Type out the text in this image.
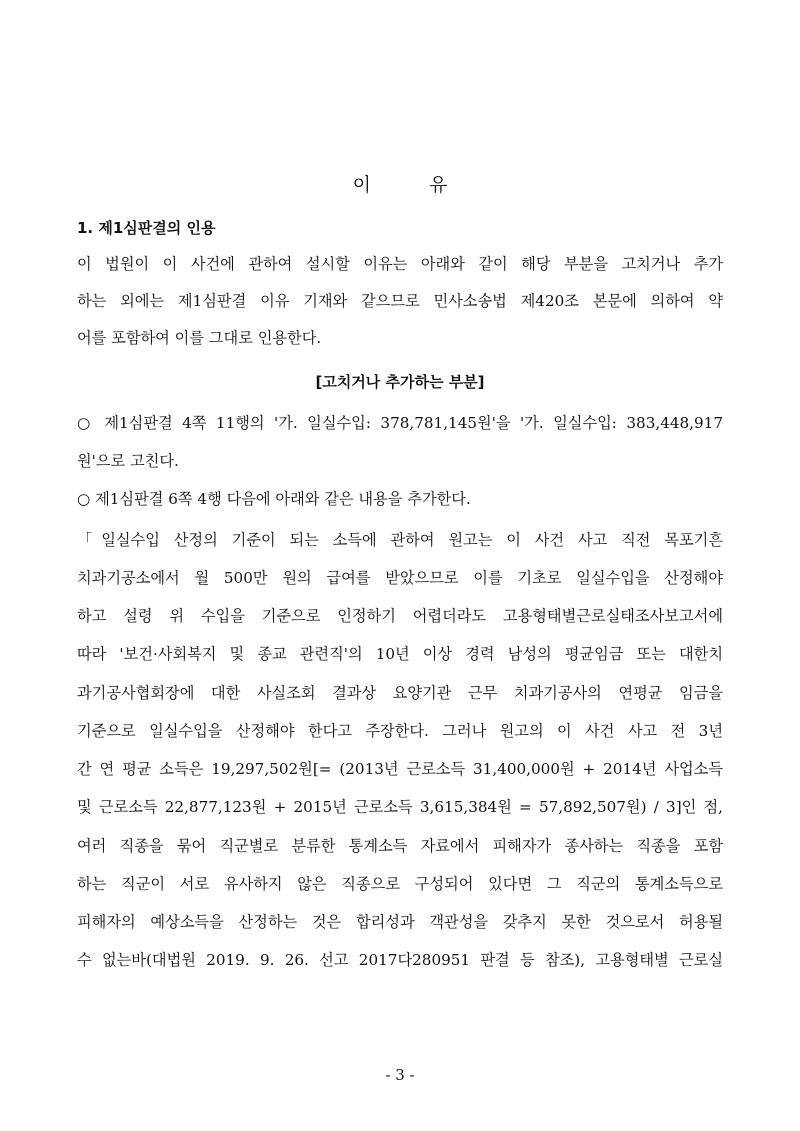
이	유
1. 제1심판결의 인용
이 법원이 이 사건에 관하여 설시할 이유는 아래와 같이 해당 부분을 고치거나 추가
하는 외에는 제1심판결 이유 기재와 같으므로 민사소송법 제420조 본문에 의하여 약
어를 포함하여 이를 그대로 인용한다.
[고치거나 추가하는 부분]
○ 제1심판결 4쪽 11행의 '가. 일실수입: 378,781,145원'을 '가. 일실수입: 383,448,917
원'으로 고친다.
○ 제1심판결 6쪽 4행 다음에 아래와 같은 내용을 추가한다.
「일실수입 산정의 기준이 되는 소득에 관하여 원고는 이 사건 사고 직전 목포기흔
치과기공소에서 월 500만 원의 급여를 받았으므로 이를 기초로 일실수입을 산정해야
하고 설령 위 수입을 기준으로 인정하기 어렵더라도 고용형태별근로실태조사보고서에
따라 '보건·사회복지 및 종교 관련직'의 10년 이상 경력 남성의 평균임금 또는 대한치
과기공사협회장에 대한 사실조회 결과상 요양기관 근무 치과기공사의 연평균 임금을
기준으로 일실수입을 산정해야 한다고 주장한다. 그러나 원고의 이 사건 사고 전 3년
간 연 평균 소득은 19,297,502원[= (2013년 근로소득 31,400,000원 + 2014년 사업소득
및 근로소득 22,877,123원 + 2015년 근로소득 3,615,384원 = 57,892,507원) / 3]인 점,
여러 직종을 묶어 직군별로 분류한 통계소득 자료에서 피해자가 종사하는 직종을 포함
하는 직군이 서로 유사하지 않은 직종으로 구성되어 있다면 그 직군의 통계소득으로
피해자의 예상소득을 산정하는 것은 합리성과 객관성을 갖추지 못한 것으로서 허용될
수 없는바(대법원 2019. 9. 26. 선고 2017다280951 판결 등 참조), 고용형태별 근로실
- 3 -
